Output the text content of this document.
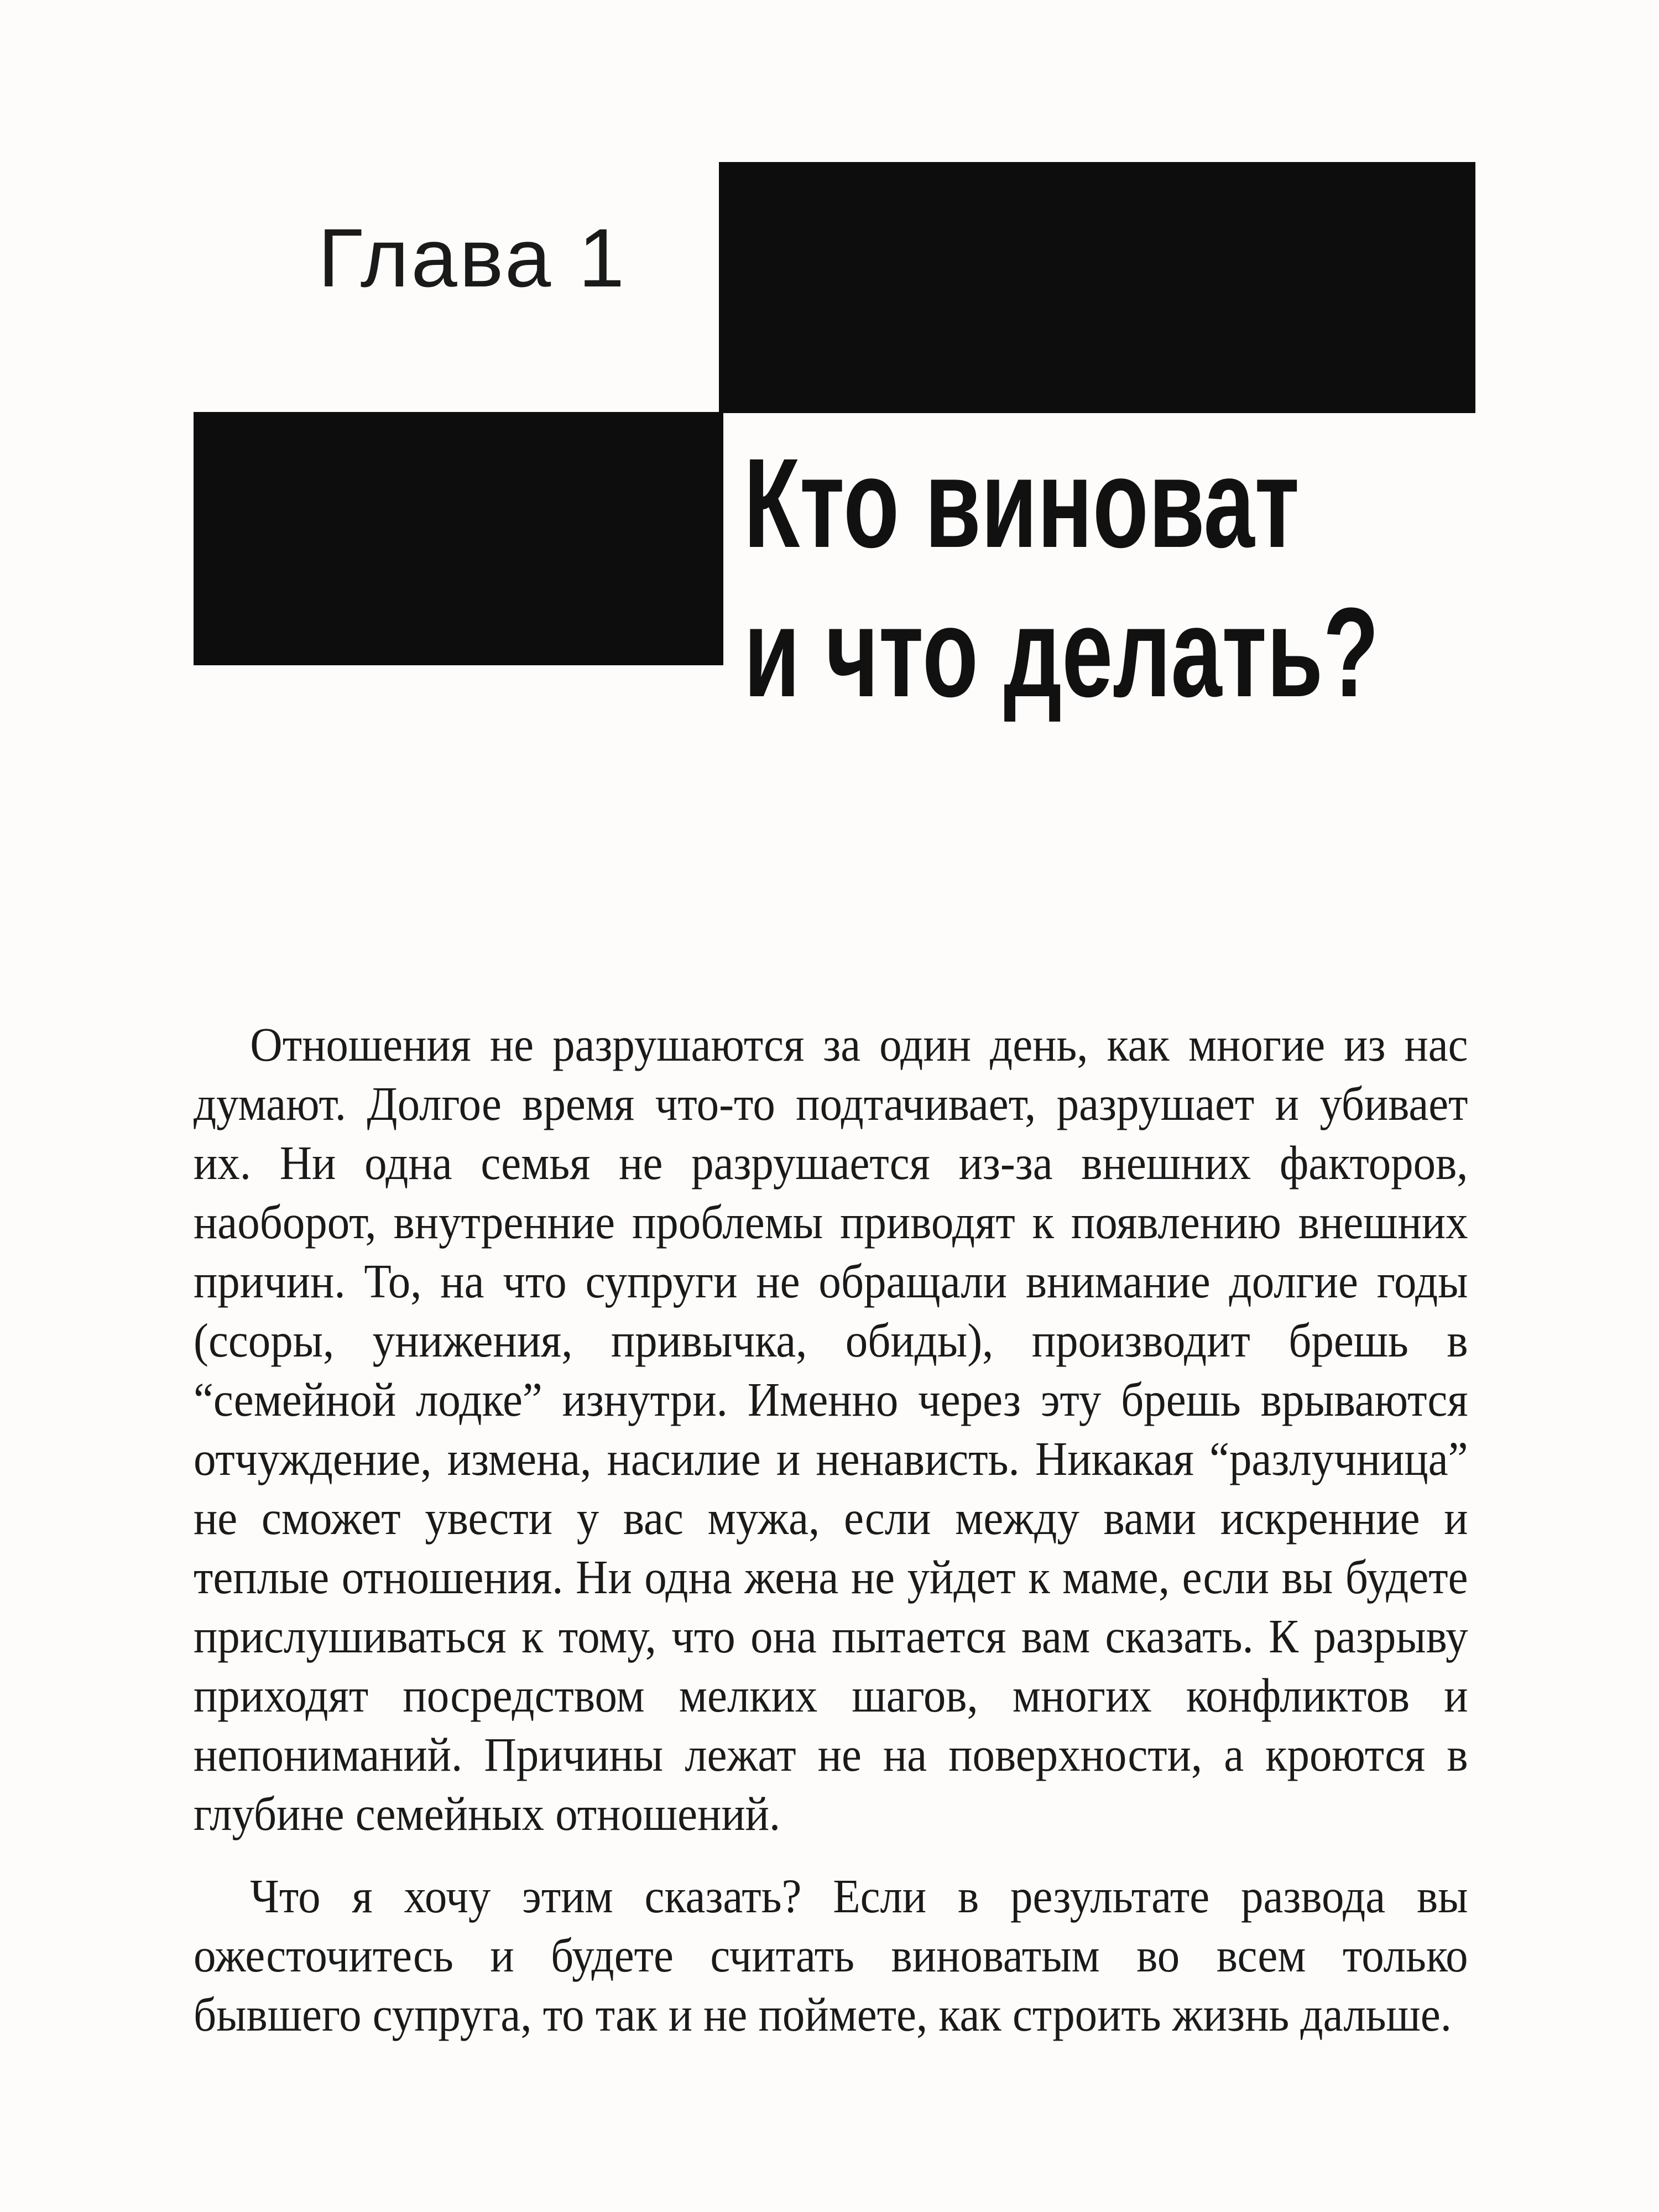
Глава 1
Кто виноват
и что делать?

Отношения не разрушаются за один день, как многие из нас думают. Долгое время что-то подтачивает, разрушает и убивает их. Ни одна семья не разрушается из-за внешних факторов, наоборот, внутренние проблемы приводят к появлению внешних причин. То, на что супруги не обращали внимание долгие годы (ссоры, унижения, привычка, обиды), производит брешь в “семейной лодке” изнутри. Именно через эту брешь врываются отчуждение, измена, насилие и ненависть. Никакая “разлучница” не сможет увести у вас мужа, если между вами искренние и теплые отношения. Ни одна жена не уйдет к маме, если вы будете прислушиваться к тому, что она пытается вам сказать. К разрыву приходят посредством мелких шагов, многих конфликтов и непониманий. Причины лежат не на поверхности, а кроются в глубине семейных отношений.

Что я хочу этим сказать? Если в результате развода вы ожесточитесь и будете считать виноватым во всем только бывшего супруга, то так и не поймете, как строить жизнь дальше.
